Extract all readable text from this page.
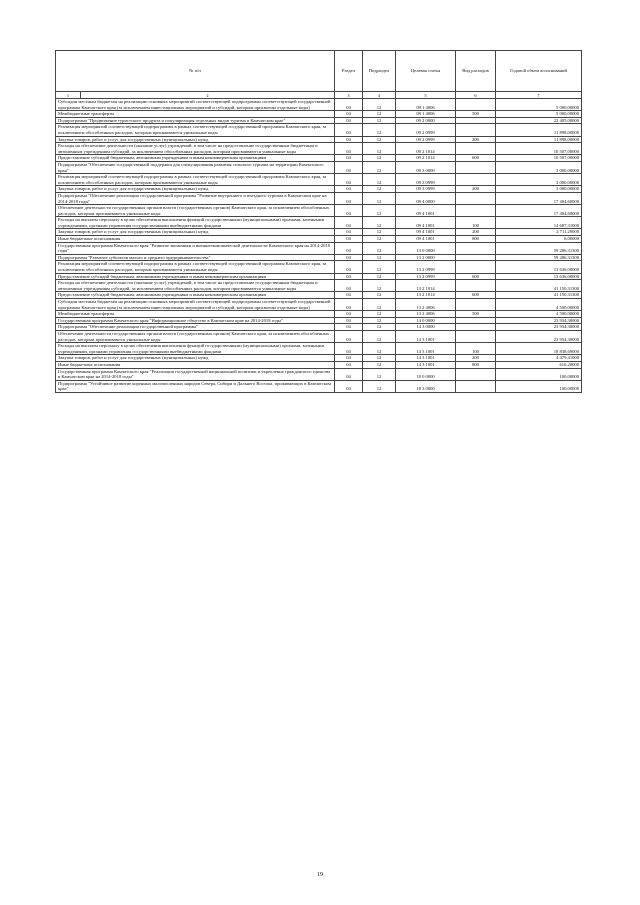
№ п/п		Раздел	Подраздел	Целевая статья	Вид расходов	Годовой объем ассигнований
1	2	3	4	5	6	7
Субсидии местным бюджетам на реализацию основных мероприятий соответствующей подпрограммы соответствующей государственной программы Камчатского края (за исключением инвестиционных мероприятий и субсидий, которым присвоены отдельные коды)		04	12	09 1 4006		5 000,00000
Межбюджетные трансферты		04	12	09 1 4006	500	5 000,00000
Подпрограмма "Продвижение туристского продукта и популяризация отдельных видов туризма в Камчатском крае"		04	12	09 2 0000		22 405,00000
Реализация мероприятий соответствующей подпрограммы в рамках соответствующей государственной программы Камчатского края, за исключением обособленных расходов, которым присваиваются уникальные коды		04	12	09 2 0999		11 898,00000
Закупка товаров, работ и услуг для государственных (муниципальных) нужд		04	12	09 2 0999	200	11 898,00000
Расходы на обеспечение деятельности (оказание услуг) учреждений, в том числе на предоставление государственным бюджетным и автономным учреждениям субсидий, за исключением обособленных расходов, которым присваиваются уникальные коды		04	12	09 2 1014		10 507,00000
Предоставление субсидий бюджетным, автономным учреждениям и иным некоммерческим организациям		04	12	09 2 1014	600	10 507,00000
Подпрограмма "Обеспечение государственной поддержки для стимулирования развития сельского туризма на территории Камчатского края"		04	12	09 3 0000		3 000,00000
Реализация мероприятий соответствующей подпрограммы в рамках соответствующей государственной программы Камчатского края, за исключением обособленных расходов, которым присваиваются уникальные коды		04	12	09 3 0999		3 000,00000
Закупка товаров, работ и услуг для государственных (муниципальных) нужд		04	12	09 3 0999	200	3 000,00000
Подпрограмма "Обеспечение реализации государственной программы "Развитие внутреннего и въездного туризма в Камчатском крае на 2014-2018 годы"		04	12	09 4 0000		17 404,60000
Обеспечение деятельности государственных органов власти (государственных органов) Камчатского края, за исключением обособленных расходов, которым присваиваются уникальные коды		04	12	09 4 1001		17 404,60000
Расходы на выплаты персоналу в целях обеспечения выполнения функций государственными (муниципальными) органами, казенными учреждениями, органами управления государственными внебюджетными фондами		04	12	09 4 1001	100	14 687,31000
Закупка товаров, работ и услуг для государственных (муниципальных) нужд		04	12	09 4 1001	200	2 711,29000
Иные бюджетные ассигнования		04	12	09 4 1001	800	6,00000
Государственная программа Камчатского края "Развитие экономики и внешнеэкономической деятельности Камчатского края на 2014-2018 годы"		04	12	13 0 0000		59 286,31300
Подпрограмма "Развитие субъектов малого и среднего предпринимательства"		04	12	13 2 0000		59 286,31300
Реализация мероприятий соответствующей подпрограммы в рамках соответствующей государственной программы Камчатского края, за исключением обособленных расходов, которым присваиваются уникальные коды		04	12	13 2 0999		13 636,00000
Предоставление субсидий бюджетным, автономным учреждениям и иным некоммерческим организациям		04	12	13 2 0999	600	13 636,00000
Расходы на обеспечение деятельности (оказание услуг) учреждений, в том числе на предоставление государственным бюджетным и автономным учреждениям субсидий, за исключением обособленных расходов, которым присваиваются уникальные коды		04	12	13 2 1014		41 150,31300
Предоставление субсидий бюджетным, автономным учреждениям и иным некоммерческим организациям		04	12	13 2 1014	600	41 150,31300
Субсидии местным бюджетам на реализацию основных мероприятий соответствующей подпрограммы соответствующей государственной программы Камчатского края (за исключением инвестиционных мероприятий и субсидий, которым присвоены отдельные коды)		04	12	13 2 4006		4 500,00000
Межбюджетные трансферты		04	12	13 2 4006	500	4 500,00000
Государственная программа Камчатского края "Информационное общество в Камчатском крае на 2014-2018 годы"		04	12	14 0 0000		23 934,30000
Подпрограмма "Обеспечение реализации государственной программы"		04	12	14 3 0000		23 934,30000
Обеспечение деятельности государственных органов власти (государственных органов) Камчатского края, за исключением обособленных расходов, которым присваиваются уникальные коды		04	12	14 3 1001		23 934,30000
Расходы на выплаты персоналу в целях обеспечения выполнения функций государственными (муниципальными) органами, казенными учреждениями, органами управления государственными внебюджетными фондами		04	12	14 3 1001	100	18 838,69000
Закупка товаров, работ и услуг для государственных (муниципальных) нужд		04	12	14 3 1001	200	4 479,41000
Иные бюджетные ассигнования		04	12	14 3 1001	800	616,20000
Государственная программа Камчатского края "Реализация государственной национальной политики и укрепление гражданского единства в Камчатском крае на 2014-2018 годы"		04	12	18 0 0000		100,00000
Подпрограмма "Устойчивое развитие коренных малочисленных народов Севера, Сибири и Дальнего Востока, проживающих в Камчатском крае"		04	12	18 3 0000		100,00000
19
